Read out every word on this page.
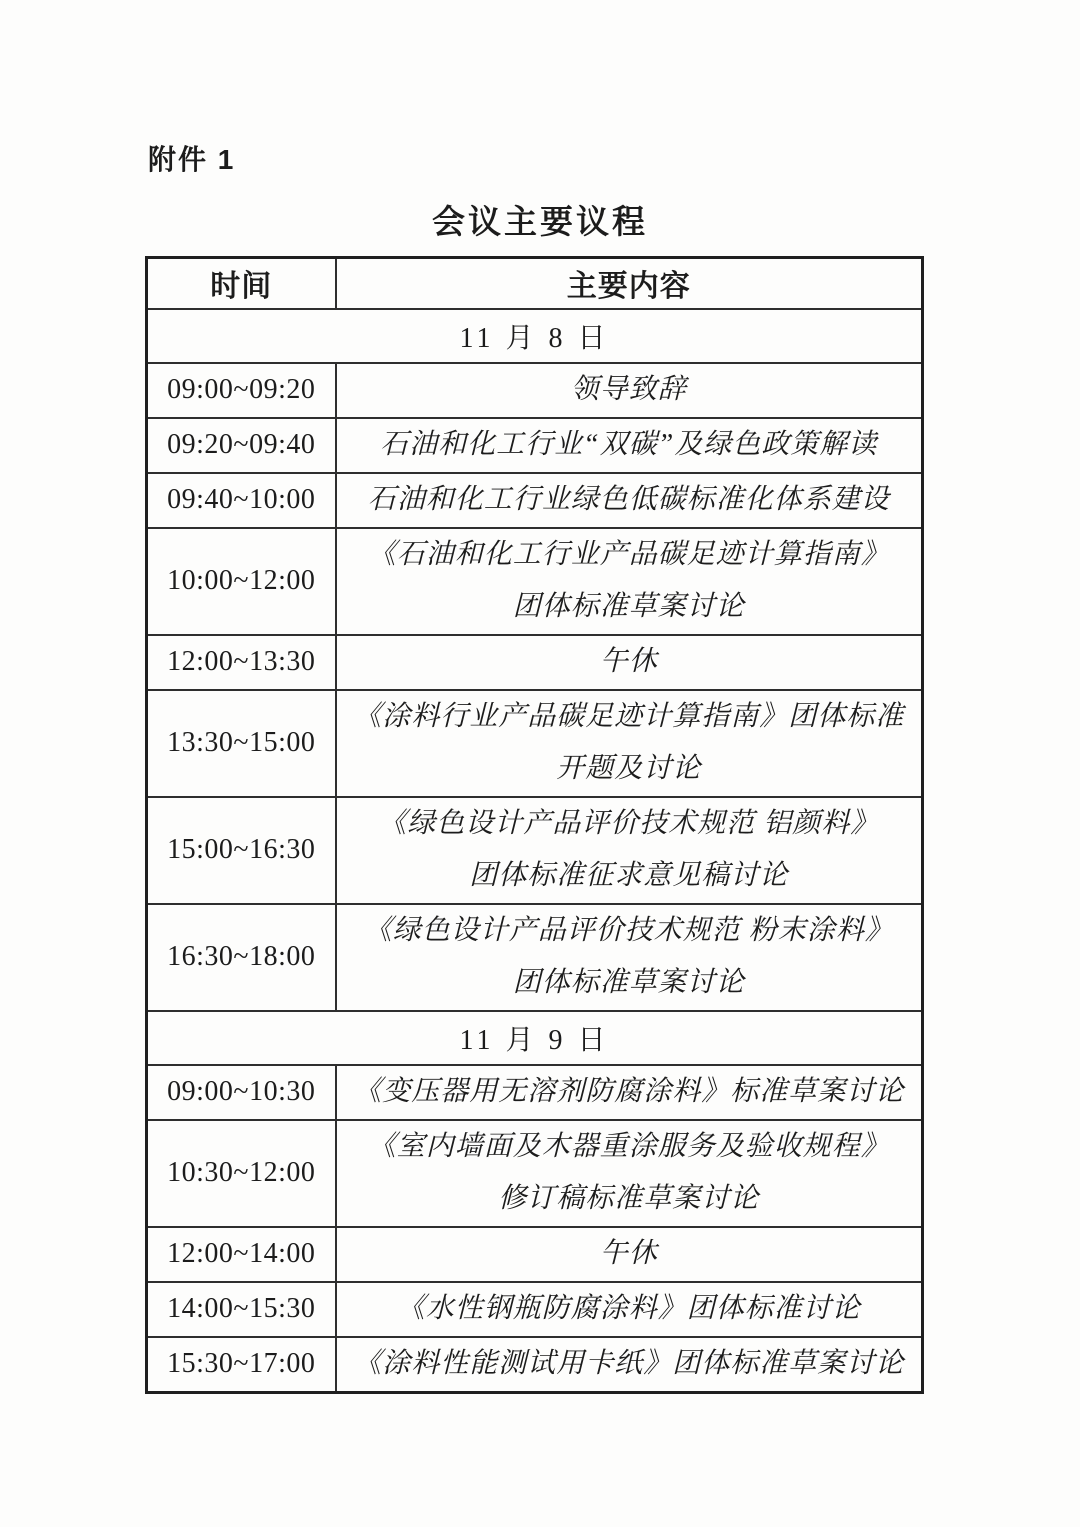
附件 1
会议主要议程
时间	主要内容
11 月 8 日	
09:00~09:20	领导致辞

09:20~09:40	石油和化工行业“双碳”及绿色政策解读

09:40~10:00	石油和化工行业绿色低碳标准化体系建设

10:00~12:00	《石油和化工行业产品碳足迹计算指南》
团体标准草案讨论

12:00~13:30	午休

13:30~15:00	《涂料行业产品碳足迹计算指南》团体标准
开题及讨论

15:00~16:30	《绿色设计产品评价技术规范 铝颜料》
团体标准征求意见稿讨论

16:30~18:00	《绿色设计产品评价技术规范 粉末涂料》
团体标准草案讨论

11 月 9 日	
09:00~10:30	《变压器用无溶剂防腐涂料》标准草案讨论

10:30~12:00	《室内墙面及木器重涂服务及验收规程》
修订稿标准草案讨论

12:00~14:00	午休

14:00~15:30	《水性钢瓶防腐涂料》团体标准讨论

15:30~17:00	《涂料性能测试用卡纸》团体标准草案讨论
